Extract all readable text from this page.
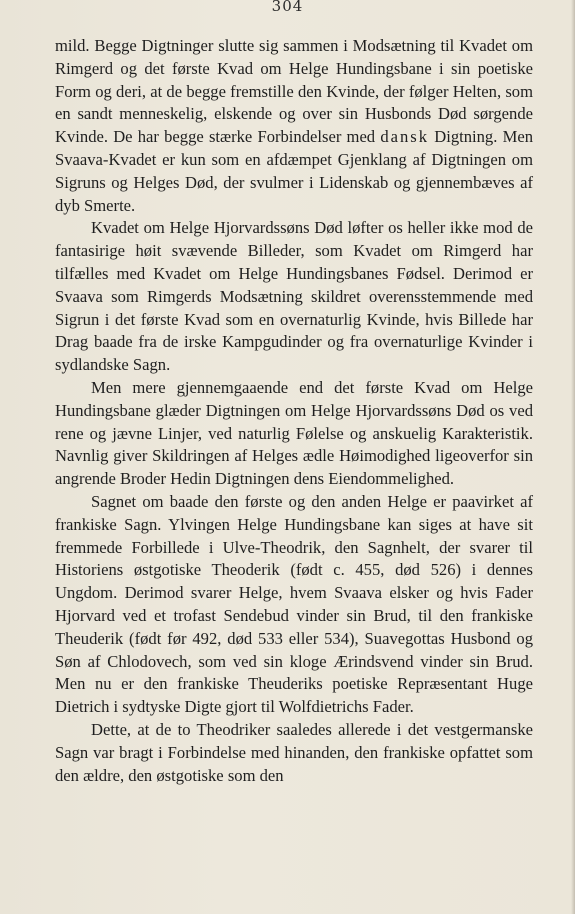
304

mild. Begge Digtninger slutte sig sammen i Modsætning til Kvadet om Rimgerd og det første Kvad om Helge Hundingsbane i sin poetiske Form og deri, at de begge fremstille den Kvinde, der følger Helten, som en sandt menneskelig, elskende og over sin Husbonds Død sørgende Kvinde. De har begge stærke Forbindelser med dansk Digtning. Men Svaava-Kvadet er kun som en afdæmpet Gjenklang af Digtningen om Sigruns og Helges Død, der svulmer i Lidenskab og gjennembæves af dyb Smerte.

Kvadet om Helge Hjorvardssøns Død løfter os heller ikke mod de fantasirige høit svævende Billeder, som Kvadet om Rimgerd har tilfælles med Kvadet om Helge Hundingsbanes Fødsel. Derimod er Svaava som Rimgerds Modsætning skildret overensstemmende med Sigrun i det første Kvad som en overnaturlig Kvinde, hvis Billede har Drag baade fra de irske Kampgudinder og fra overnaturlige Kvinder i sydlandske Sagn.

Men mere gjennemgaaende end det første Kvad om Helge Hundingsbane glæder Digtningen om Helge Hjorvardssøns Død os ved rene og jævne Linjer, ved naturlig Følelse og anskuelig Karakteristik. Navnlig giver Skildringen af Helges ædle Høimodighed ligeoverfor sin angrende Broder Hedin Digtningen dens Eiendommelighed.

Sagnet om baade den første og den anden Helge er paavirket af frankiske Sagn. Ylvingen Helge Hundingsbane kan siges at have sit fremmede Forbillede i Ulve-Theodrik, den Sagnhelt, der svarer til Historiens østgotiske Theoderik (født c. 455, død 526) i dennes Ungdom. Derimod svarer Helge, hvem Svaava elsker og hvis Fader Hjorvard ved et trofast Sendebud vinder sin Brud, til den frankiske Theuderik (født før 492, død 533 eller 534), Suavegottas Husbond og Søn af Chlodovech, som ved sin kloge Ærindsvend vinder sin Brud. Men nu er den frankiske Theuderiks poetiske Repræsentant Huge Dietrich i sydtyske Digte gjort til Wolfdietrichs Fader.

Dette, at de to Theodriker saaledes allerede i det vestgermanske Sagn var bragt i Forbindelse med hinanden, den frankiske opfattet som den ældre, den østgotiske som den
